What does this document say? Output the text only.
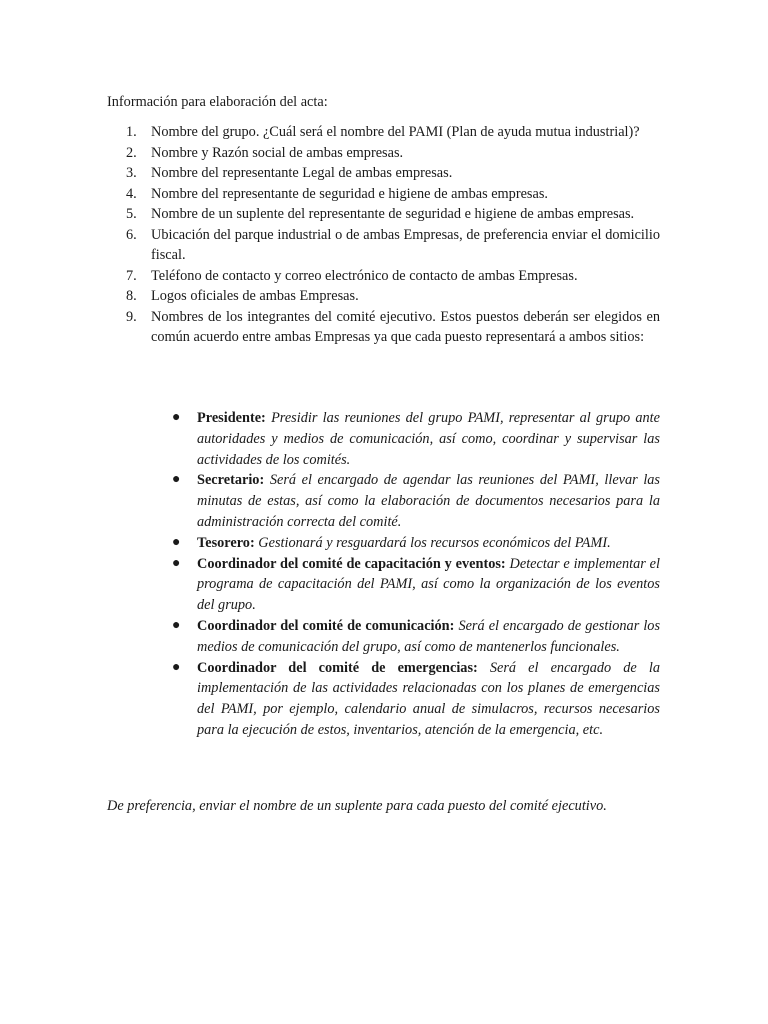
Información para elaboración del acta:

1. Nombre del grupo. ¿Cuál será el nombre del PAMI (Plan de ayuda mutua industrial)?
2. Nombre y Razón social de ambas empresas.
3. Nombre del representante Legal de ambas empresas.
4. Nombre del representante de seguridad e higiene de ambas empresas.
5. Nombre de un suplente del representante de seguridad e higiene de ambas empresas.
6. Ubicación del parque industrial o de ambas Empresas, de preferencia enviar el domicilio fiscal.
7. Teléfono de contacto y correo electrónico de contacto de ambas Empresas.
8. Logos oficiales de ambas Empresas.
9. Nombres de los integrantes del comité ejecutivo. Estos puestos deberán ser elegidos en común acuerdo entre ambas Empresas ya que cada puesto representará a ambos sitios:
● Presidente: Presidir las reuniones del grupo PAMI, representar al grupo ante autoridades y medios de comunicación, así como, coordinar y supervisar las actividades de los comités.
● Secretario: Será el encargado de agendar las reuniones del PAMI, llevar las minutas de estas, así como la elaboración de documentos necesarios para la administración correcta del comité.
● Tesorero: Gestionará y resguardará los recursos económicos del PAMI.
● Coordinador del comité de capacitación y eventos: Detectar e implementar el programa de capacitación del PAMI, así como la organización de los eventos del grupo.
● Coordinador del comité de comunicación: Será el encargado de gestionar los medios de comunicación del grupo, así como de mantenerlos funcionales.
● Coordinador del comité de emergencias: Será el encargado de la implementación de las actividades relacionadas con los planes de emergencias del PAMI, por ejemplo, calendario anual de simulacros, recursos necesarios para la ejecución de estos, inventarios, atención de la emergencia, etc.

De preferencia, enviar el nombre de un suplente para cada puesto del comité ejecutivo.
